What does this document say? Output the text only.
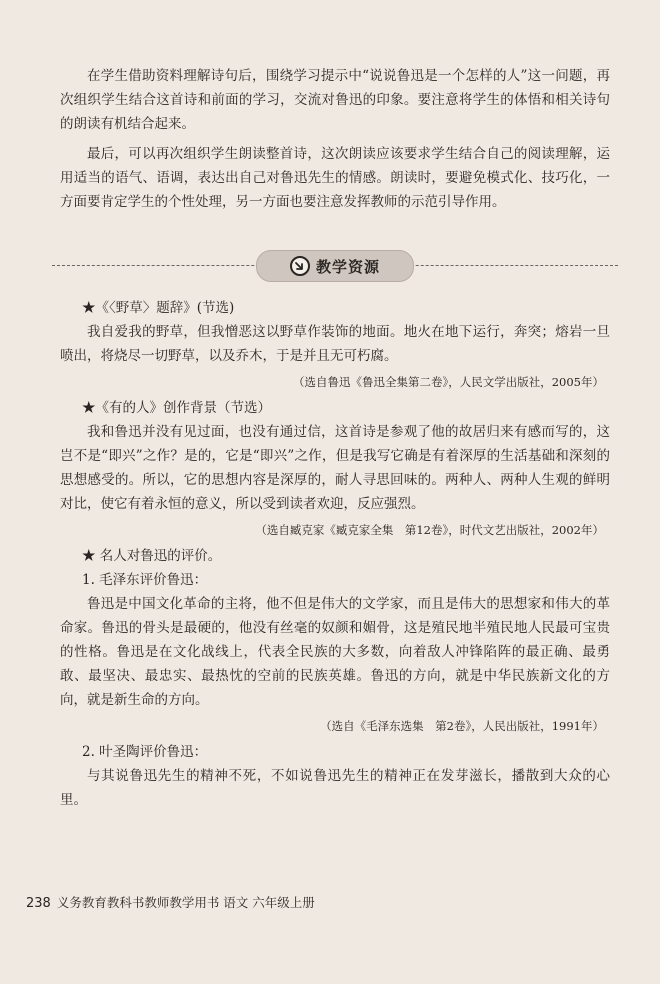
在学生借助资料理解诗句后，围绕学习提示中“说说鲁迅是一个怎样的人”这一问题，再次组织学生结合这首诗和前面的学习，交流对鲁迅的印象。要注意将学生的体悟和相关诗句的朗读有机结合起来。

最后，可以再次组织学生朗读整首诗，这次朗读应该要求学生结合自己的阅读理解，运用适当的语气、语调，表达出自己对鲁迅先生的情感。朗读时，要避免模式化、技巧化，一方面要肯定学生的个性处理，另一方面也要注意发挥教师的示范引导作用。

教学资源
★《〈野草〉题辞》(节选)

我自爱我的野草，但我憎恶这以野草作装饰的地面。地火在地下运行，奔突；熔岩一旦喷出，将烧尽一切野草，以及乔木，于是并且无可朽腐。

（选自鲁迅《鲁迅全集第二卷》，人民文学出版社，2005年）
★《有的人》创作背景（节选）

我和鲁迅并没有见过面，也没有通过信，这首诗是参观了他的故居归来有感而写的，这岂不是“即兴”之作？是的，它是“即兴”之作，但是我写它确是有着深厚的生活基础和深刻的思想感受的。所以，它的思想内容是深厚的，耐人寻思回味的。两种人、两种人生观的鲜明对比，使它有着永恒的意义，所以受到读者欢迎，反应强烈。

（选自臧克家《臧克家全集　第12卷》，时代文艺出版社，2002年）
★ 名人对鲁迅的评价。
1. 毛泽东评价鲁迅：

鲁迅是中国文化革命的主将，他不但是伟大的文学家，而且是伟大的思想家和伟大的革命家。鲁迅的骨头是最硬的，他没有丝毫的奴颜和媚骨，这是殖民地半殖民地人民最可宝贵的性格。鲁迅是在文化战线上，代表全民族的大多数，向着敌人冲锋陷阵的最正确、最勇敢、最坚决、最忠实、最热忱的空前的民族英雄。鲁迅的方向，就是中华民族新文化的方向，就是新生命的方向。

（选自《毛泽东选集　第2卷》，人民出版社，1991年）
2. 叶圣陶评价鲁迅：

与其说鲁迅先生的精神不死，不如说鲁迅先生的精神正在发芽滋长，播散到大众的心里。

238 义务教育教科书教师教学用书 语文 六年级上册
